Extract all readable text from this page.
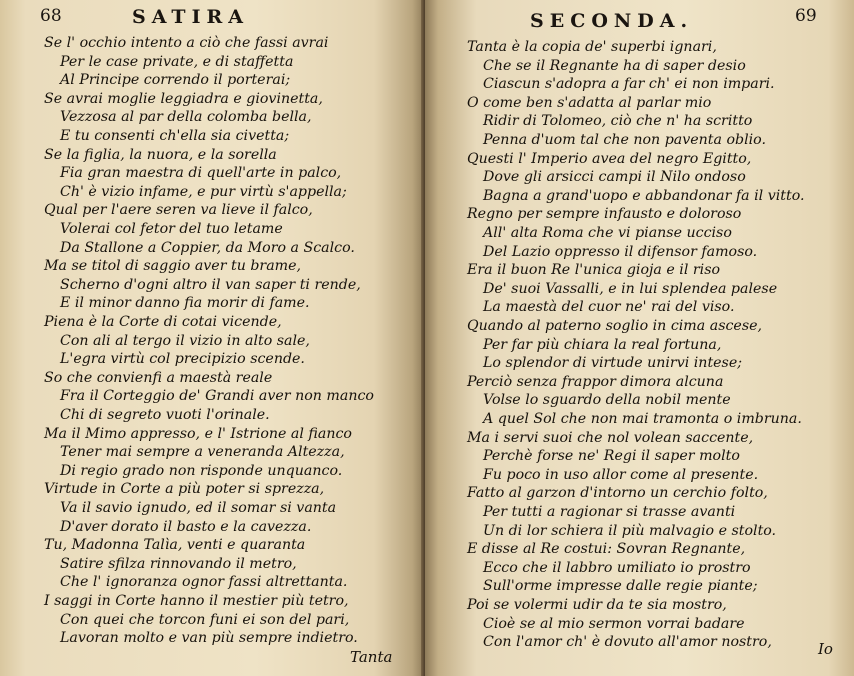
68	SATIRA
Se l' occhio intento a ciò che fassi avrai
Per le case private, e di staffetta
Al Principe correndo il porterai;
Se avrai moglie leggiadra e giovinetta,
Vezzosa al par della colomba bella,
E tu consenti ch'ella sia civetta;
Se la figlia, la nuora, e la sorella
Fia gran maestra di quell'arte in palco,
Ch' è vizio infame, e pur virtù s'appella;
Qual per l'aere seren va lieve il falco,
Volerai col fetor del tuo letame
Da Stallone a Coppier, da Moro a Scalco.
Ma se titol di saggio aver tu brame,
Scherno d'ogni altro il van saper ti rende,
E il minor danno fia morir di fame.
Piena è la Corte di cotai vicende,
Con ali al tergo il vizio in alto sale,
L'egra virtù col precipizio scende.
So che convienfi a maestà reale
Fra il Corteggio de' Grandi aver non manco
Chi di segreto vuoti l'orinale.
Ma il Mimo appresso, e l' Istrione al fianco
Tener mai sempre a veneranda Altezza,
Di regio grado non risponde unquanco.
Virtude in Corte a più poter si sprezza,
Va il savio ignudo, ed il somar si vanta
D'aver dorato il basto e la cavezza.
Tu, Madonna Talìa, venti e quaranta
Satire sfilza rinnovando il metro,
Che l' ignoranza ognor fassi altrettanta.
I saggi in Corte hanno il mestier più tetro,
Con quei che torcon funi ei son del pari,
Lavoran molto e van più sempre indietro.
Tanta
SECONDA.	69
Tanta è la copia de' superbi ignari,
Che se il Regnante ha di saper desio
Ciascun s'adopra a far ch' ei non impari.
O come ben s'adatta al parlar mio
Ridir di Tolomeo, ciò che n' ha scritto
Penna d'uom tal che non paventa oblio.
Questi l' Imperio avea del negro Egitto,
Dove gli arsicci campi il Nilo ondoso
Bagna a grand'uopo e abbandonar fa il vitto.
Regno per sempre infausto e doloroso
All' alta Roma che vi pianse ucciso
Del Lazio oppresso il difensor famoso.
Era il buon Re l'unica gioja e il riso
De' suoi Vassalli, e in lui splendea palese
La maestà del cuor ne' rai del viso.
Quando al paterno soglio in cima ascese,
Per far più chiara la real fortuna,
Lo splendor di virtude unirvi intese;
Perciò senza frappor dimora alcuna
Volse lo sguardo della nobil mente
A quel Sol che non mai tramonta o imbruna.
Ma i servi suoi che nol volean saccente,
Perchè forse ne' Regi il saper molto
Fu poco in uso allor come al presente.
Fatto al garzon d'intorno un cerchio folto,
Per tutti a ragionar si trasse avanti
Un di lor schiera il più malvagio e stolto.
E disse al Re costui: Sovran Regnante,
Ecco che il labbro umiliato io prostro
Sull'orme impresse dalle regie piante;
Poi se volermi udir da te sia mostro,
Cioè se al mio sermon vorrai badare
Con l'amor ch' è dovuto all'amor nostro,	Io
